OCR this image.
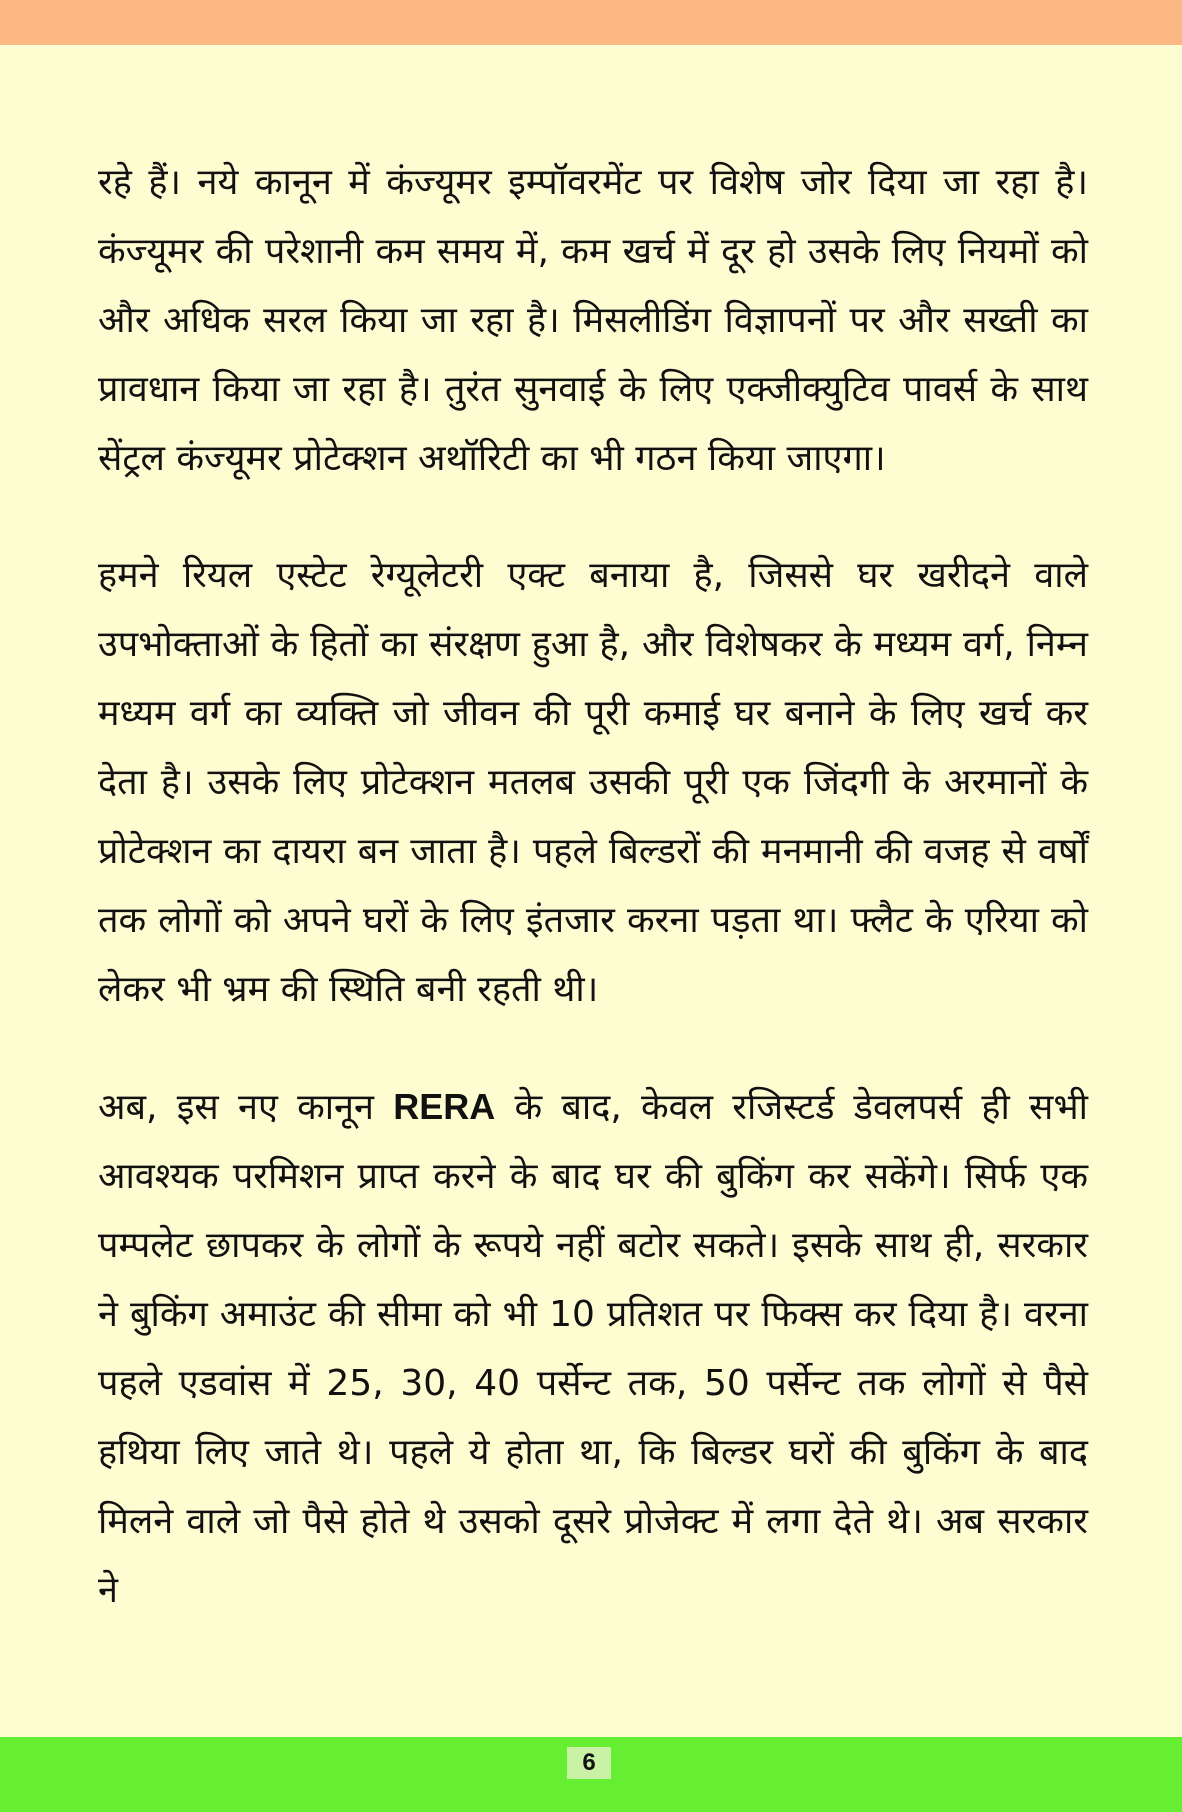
रहे हैं। नये कानून में कंज्यूमर इम्पॉवरमेंट पर विशेष जोर दिया जा रहा है। कंज्यूमर की परेशानी कम समय में, कम खर्च में दूर हो उसके लिए नियमों को और अधिक सरल किया जा रहा है। मिसलीडिंग विज्ञापनों पर और सख्ती का प्रावधान किया जा रहा है। तुरंत सुनवाई के लिए एक्जीक्युटिव पावर्स के साथ सेंट्रल कंज्यूमर प्रोटेक्शन अथॉरिटी का भी गठन किया जाएगा।

हमने रियल एस्टेट रेग्यूलेटरी एक्ट बनाया है, जिससे घर खरीदने वाले उपभोक्ताओं के हितों का संरक्षण हुआ है, और विशेषकर के मध्यम वर्ग, निम्न मध्यम वर्ग का व्यक्ति जो जीवन की पूरी कमाई घर बनाने के लिए खर्च कर देता है। उसके लिए प्रोटेक्शन मतलब उसकी पूरी एक जिंदगी के अरमानों के प्रोटेक्शन का दायरा बन जाता है। पहले बिल्डरों की मनमानी की वजह से वर्षों तक लोगों को अपने घरों के लिए इंतजार करना पड़ता था। फ्लैट के एरिया को लेकर भी भ्रम की स्थिति बनी रहती थी।

अब, इस नए कानून RERA के बाद, केवल रजिस्टर्ड डेवलपर्स ही सभी आवश्यक परमिशन प्राप्त करने के बाद घर की बुकिंग कर सकेंगे। सिर्फ एक पम्पलेट छापकर के लोगों के रूपये नहीं बटोर सकते। इसके साथ ही, सरकार ने बुकिंग अमाउंट की सीमा को भी 10 प्रतिशत पर फिक्स कर दिया है। वरना पहले एडवांस में 25, 30, 40 पर्सेन्ट तक, 50 पर्सेन्ट तक लोगों से पैसे हथिया लिए जाते थे। पहले ये होता था, कि बिल्डर घरों की बुकिंग के बाद मिलने वाले जो पैसे होते थे उसको दूसरे प्रोजेक्ट में लगा देते थे। अब सरकार ने

6
